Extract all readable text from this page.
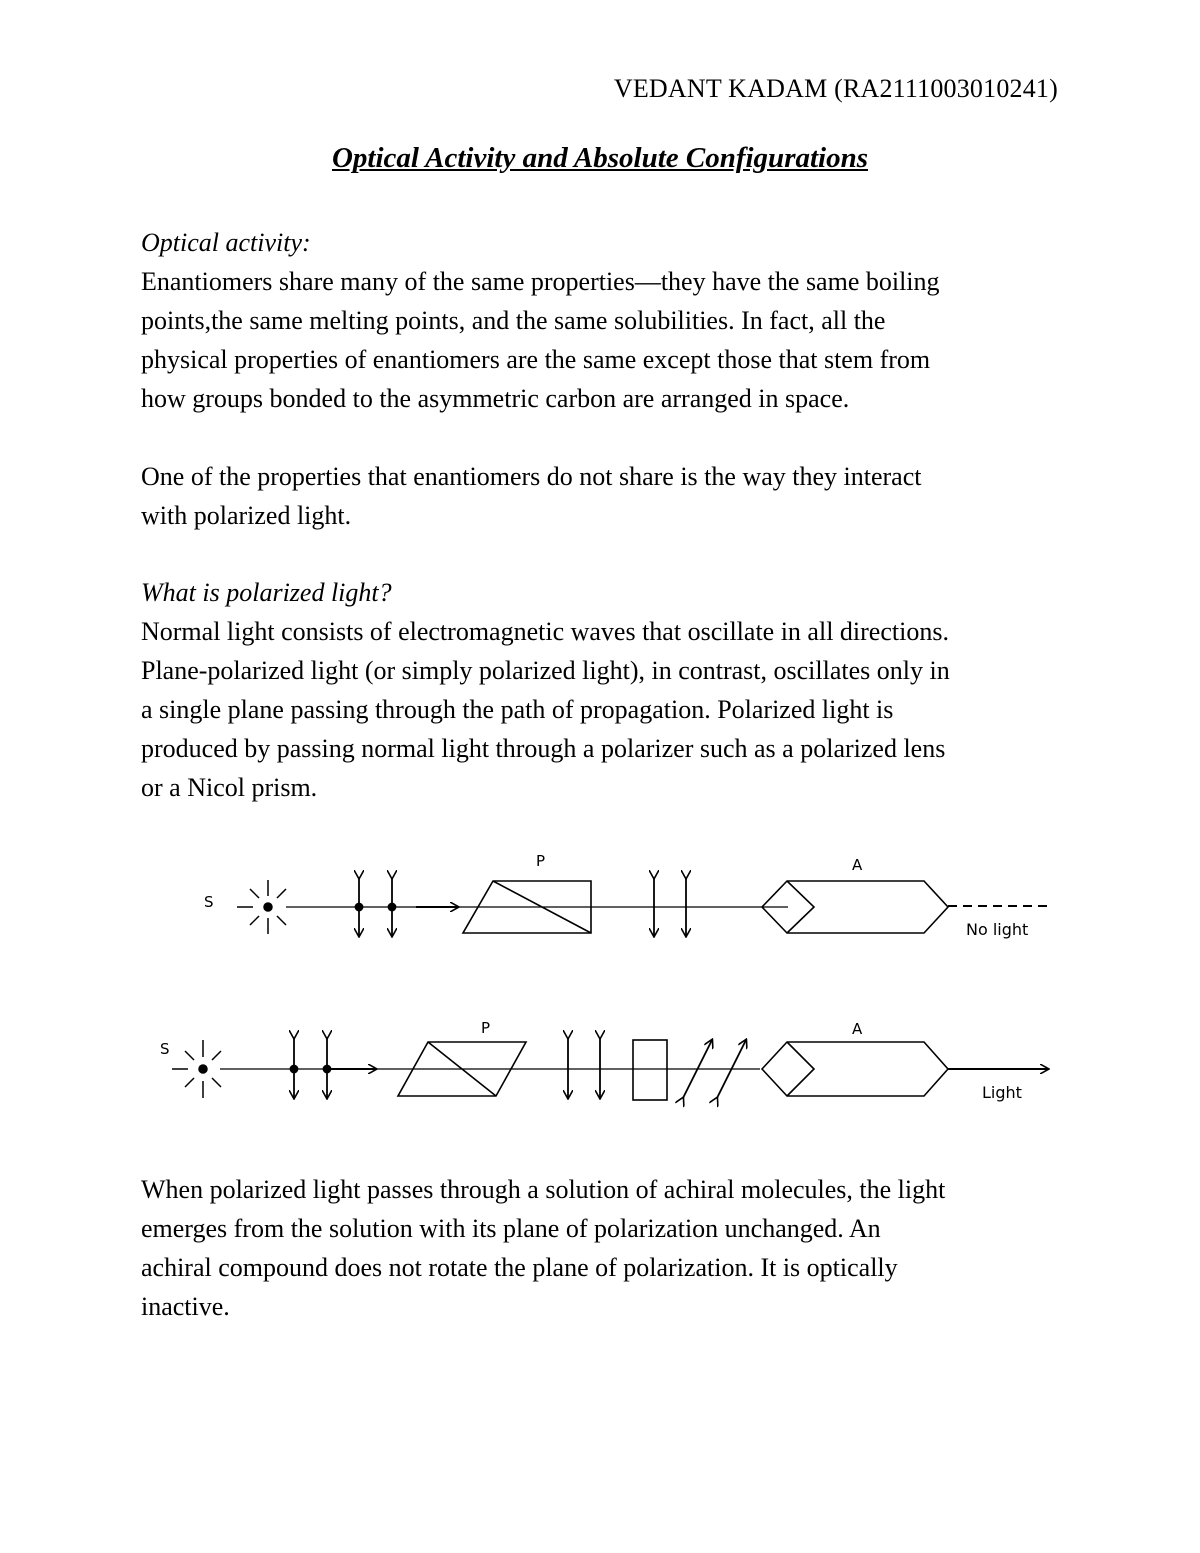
VEDANT KADAM (RA2111003010241)
Optical Activity and Absolute Configurations
Optical activity:
Enantiomers share many of the same properties—they have the same boiling
points,the same melting points, and the same solubilities. In fact, all the
physical properties of enantiomers are the same except those that stem from
how groups bonded to the asymmetric carbon are arranged in space.
One of the properties that enantiomers do not share is the way they interact
with polarized light.
What is polarized light?
Normal light consists of electromagnetic waves that oscillate in all directions.
Plane-polarized light (or simply polarized light), in contrast, oscillates only in
a single plane passing through the path of propagation. Polarized light is
produced by passing normal light through a polarizer such as a polarized lens
or a Nicol prism.
S
P	A
No light
S
P	A
Light
When polarized light passes through a solution of achiral molecules, the light
emerges from the solution with its plane of polarization unchanged. An
achiral compound does not rotate the plane of polarization. It is optically
inactive.
